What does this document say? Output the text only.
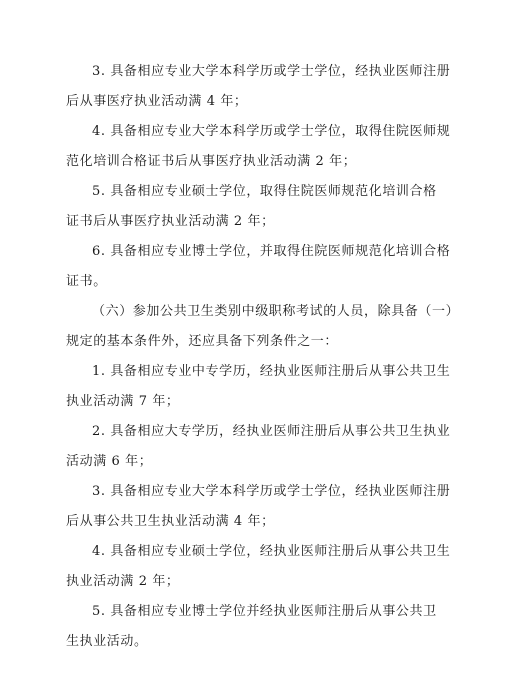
3. 具备相应专业大学本科学历或学士学位，经执业医师注册
后从事医疗执业活动满 4 年；

4. 具备相应专业大学本科学历或学士学位，取得住院医师规
范化培训合格证书后从事医疗执业活动满 2 年；

5. 具备相应专业硕士学位，取得住院医师规范化培训合格
证书后从事医疗执业活动满 2 年；

6. 具备相应专业博士学位，并取得住院医师规范化培训合格
证书。

（六）参加公共卫生类别中级职称考试的人员，除具备（一）
规定的基本条件外，还应具备下列条件之一：

1. 具备相应专业中专学历，经执业医师注册后从事公共卫生
执业活动满 7 年；

2. 具备相应大专学历，经执业医师注册后从事公共卫生执业
活动满 6 年；

3. 具备相应专业大学本科学历或学士学位，经执业医师注册
后从事公共卫生执业活动满 4 年；

4. 具备相应专业硕士学位，经执业医师注册后从事公共卫生
执业活动满 2 年；

5. 具备相应专业博士学位并经执业医师注册后从事公共卫
生执业活动。
